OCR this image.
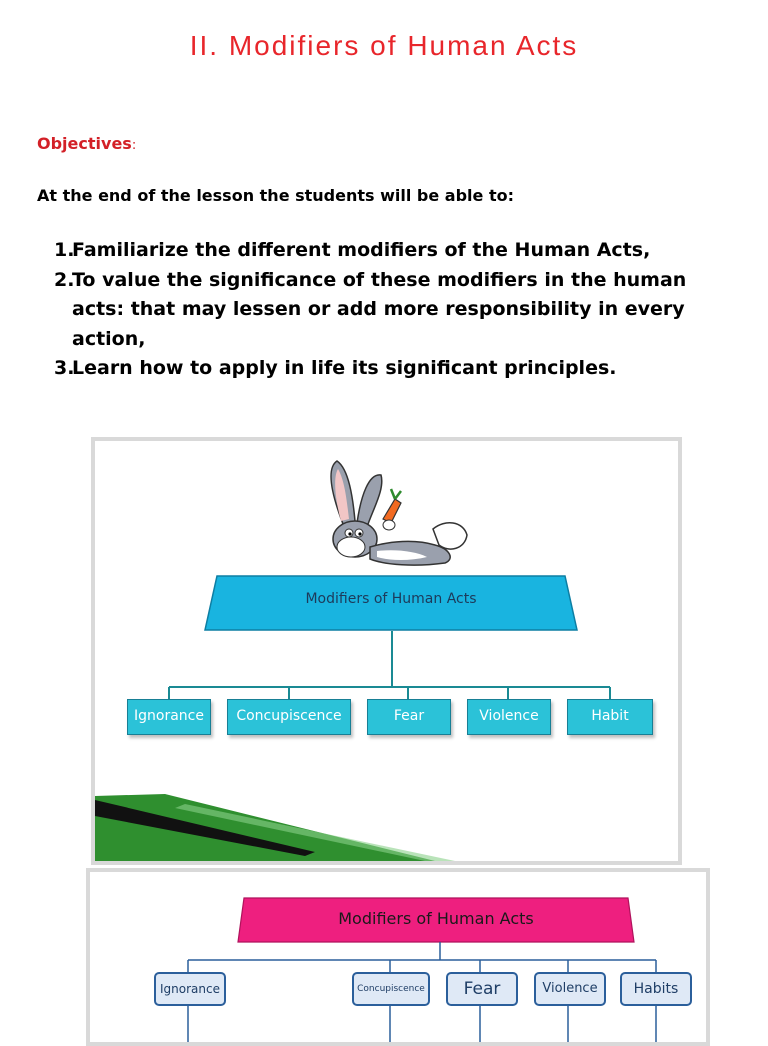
II. Modifiers of Human Acts
Objectives:
At the end of the lesson the students will be able to:
1.
Familiarize the different modifiers of the Human Acts,
2.
To value the significance of these modifiers in the human acts: that may lessen or add more responsibility in every action,
3.
Learn how to apply in life its significant principles.
Modifiers of Human Acts
Ignorance	Concupiscence	Fear	Violence	Habit
Modifiers of Human Acts
Ignorance	Concupiscence	Fear	Violence	Habits
